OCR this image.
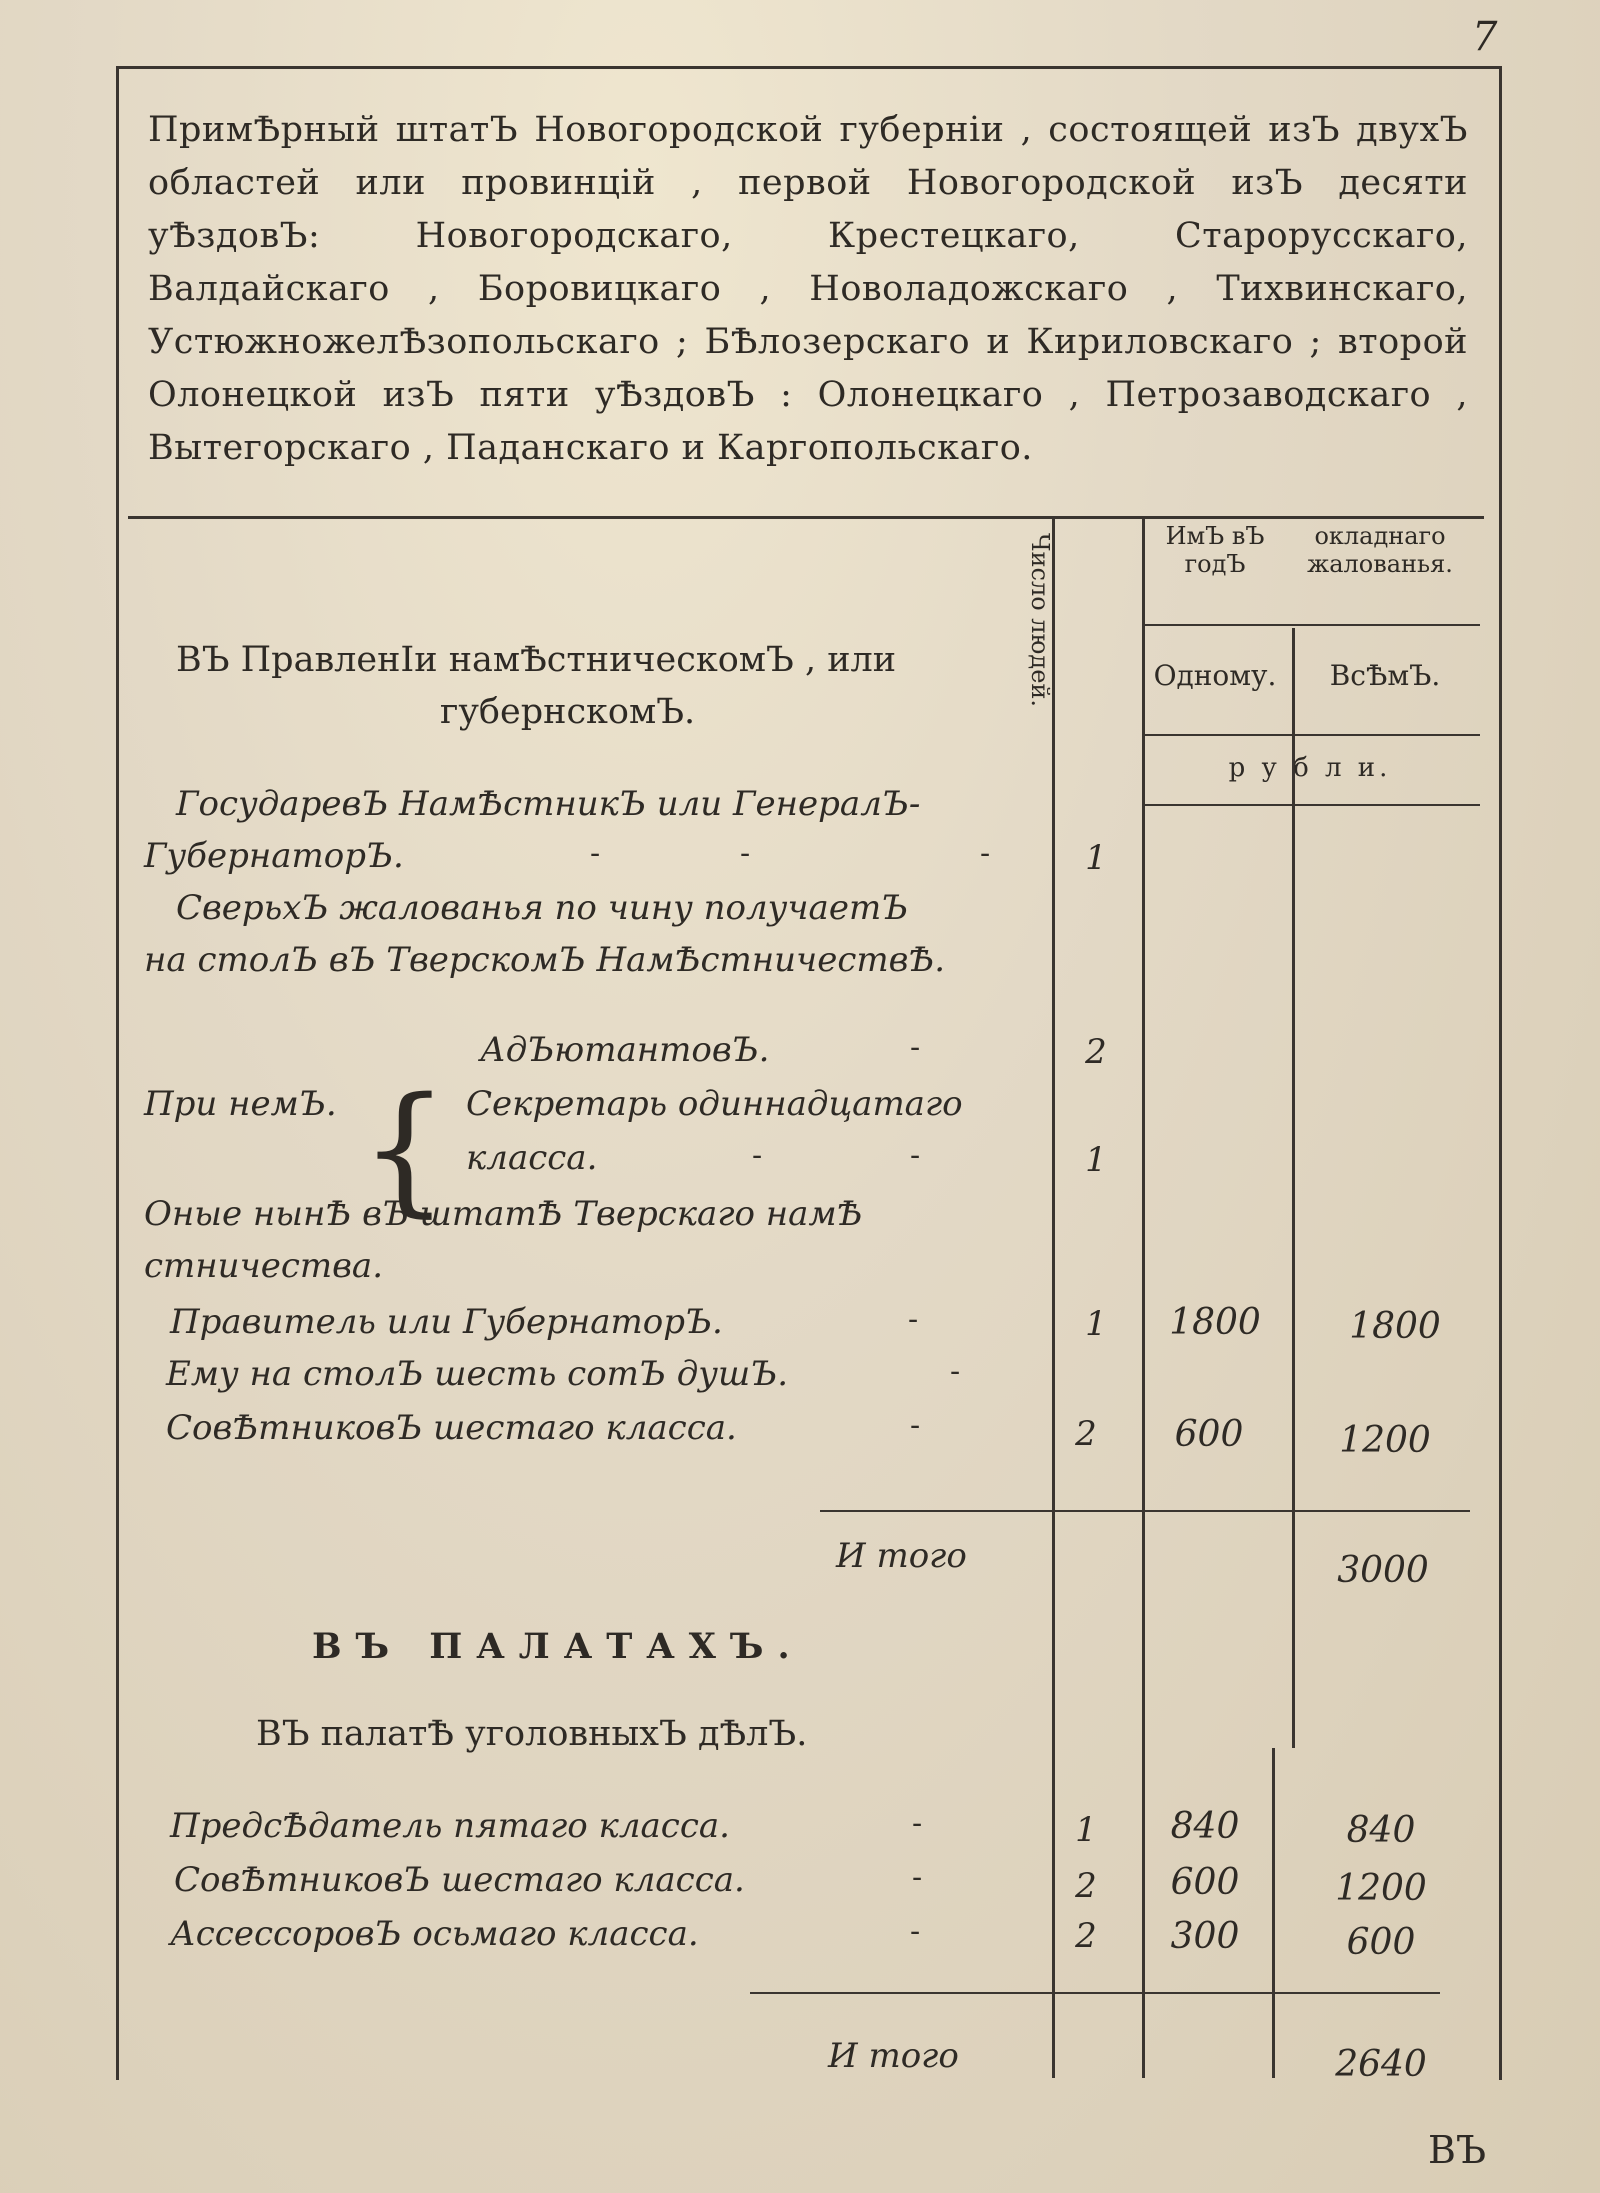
7
ПримѢрный штатЪ Новогородской губерніи , состоящей изЪ двухЪ областей или провинцій , первой Новогородской изЪ десяти уѢздовЪ: Новогородскаго, Крестецкаго, Старорусскаго, Валдайскаго , Боровицкаго , Новоладожскаго , Тихвинскаго, УстюжножелѢзопольскаго ; БѢлозерскаго и Кириловскаго ; второй Олонецкой изЪ пяти уѢздовЪ : Олонецкаго , Петрозаводскаго , Вытегорскаго , Паданскаго и Каргопольскаго.
Число людей.	ИмЪ вЪ годЪ
окладнаго жалованья.
Одному.	ВсѢмЪ.
р у б л и.
ВЪ ПравленІи намѢстническомЪ , или
губернскомЪ.
ГосударевЪ НамѢстникЪ или ГенералЪ-
ГубернаторЪ.	-	-	-	1
СверьхЪ жалованья по чину получаетЪ
на столЪ вЪ ТверскомЪ НамѢстничествѢ.
При немЪ. {
АдЪютантовЪ.	-	2
Секретарь одиннадцатаго
класса.	-	-	1
Оные нынѢ вЪ штатѢ Тверскаго намѢ
стничества.
Правитель или ГубернаторЪ.	-	1	1800	1800
Ему на столЪ шесть сотЪ душЪ.	-
СовѢтниковЪ шестаго класса.	-	2	600	1200
И того	3000
ВЪ ПАЛАТАХЪ.
ВЪ палатѢ уголовныхЪ дѢлЪ.
ПредсѢдатель пятаго класса.	-	1	840	840
СовѢтниковЪ шестаго класса.	-	2	600	1200
АссессоровЪ осьмаго класса.	-	2	300	600
И того	2640
ВЪ
